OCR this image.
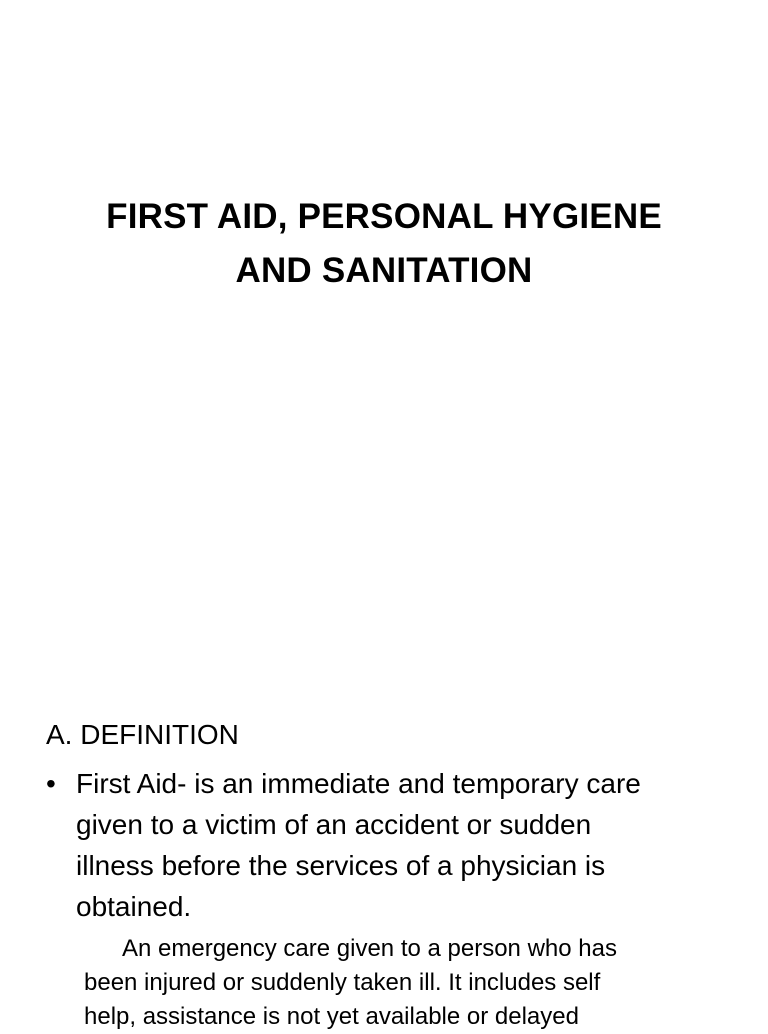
FIRST AID, PERSONAL HYGIENE
AND SANITATION

A. DEFINITION

• First Aid- is an immediate and temporary care
given to a victim of an accident or sudden
illness before the services of a physician is
obtained.
An emergency care given to a person who has
been injured or suddenly taken ill. It includes self
help, assistance is not yet available or delayed
